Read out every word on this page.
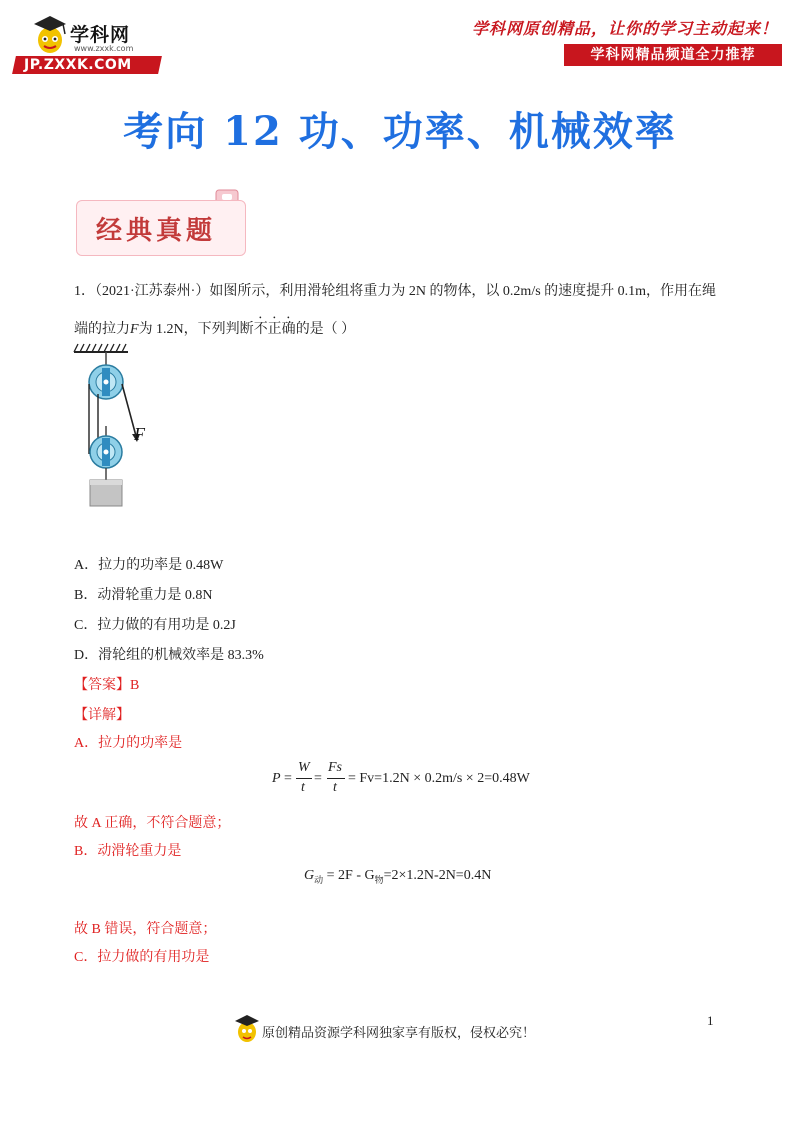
学科网
www.zxxk.com
JP.ZXXK.COM
学科网原创精品，让你的学习主动起来！
学科网精品频道全力推荐
考向 12 功、功率、机械效率
经典真题
1．（2021·江苏泰州·）如图所示，利用滑轮组将重力为 2N 的物体，以 0.2m/s 的速度提升 0.1m，作用在绳
端的拉力F为 1.2N，下列判断不正确的是（ ）
F
A．拉力的功率是 0.48W
B．动滑轮重力是 0.8N
C．拉力做的有用功是 0.2J
D．滑轮组的机械效率是 83.3%
【答案】B
【详解】
A．拉力的功率是
P =
W
t
=
Fs
t
= Fv=1.2N × 0.2m/s × 2=0.48W
故 A 正确，不符合题意；
B．动滑轮重力是
$G_动 = 2F - G_物=2\times 1.2N-2N=0.4N$
故 B 错误，符合题意；
C．拉力做的有用功是
原创精品资源学科网独家享有版权，侵权必究！
1
